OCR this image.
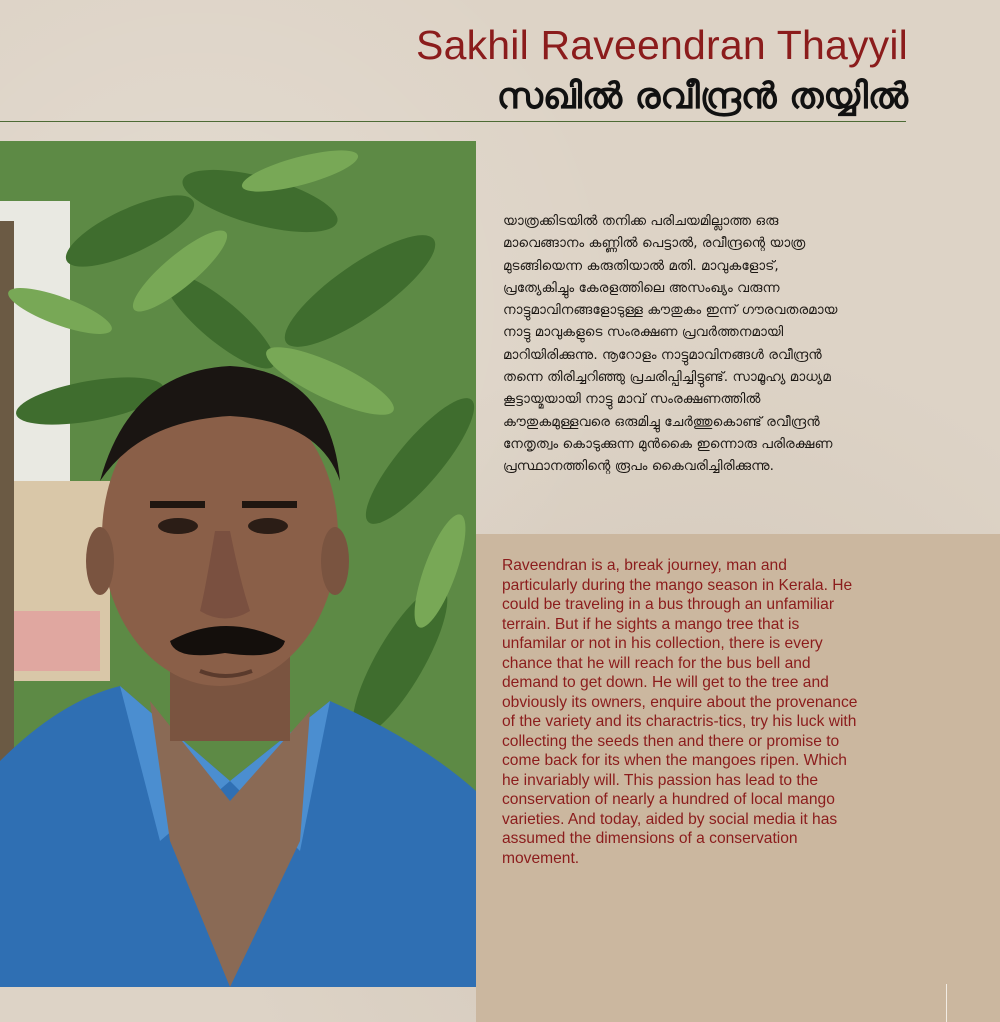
Sakhil Raveendran Thayyil
സഖിൽ രവീന്ദ്രൻ തയ്യിൽ

യാത്രക്കിടയിൽ തനിക്ക പരിചയമില്ലാത്ത ഒരു മാവെങ്ങാനം കണ്ണിൽ പെട്ടാൽ, രവീന്ദ്രന്റെ യാത്ര മുടങ്ങിയെന്ന കരുതിയാൽ മതി. മാവുകളോട്, പ്രത്യേകിച്ചും കേരളത്തിലെ അസംഖ്യം വരുന്ന നാട്ടുമാവിനങ്ങളോടുള്ള കൗതുകം ഇന്ന് ഗൗരവതരമായ നാട്ടു മാവുകളുടെ സംരക്ഷണ പ്രവർത്തനമായി മാറിയിരിക്കുന്നു. നൂറോളം നാട്ടുമാവിനങ്ങൾ രവീന്ദ്രൻ തന്നെ തിരിച്ചറിഞ്ഞു പ്രചരിപ്പിച്ചിട്ടുണ്ട്. സാമൂഹ്യ മാധ്യമ കൂട്ടായ്മയായി നാട്ടു മാവ് സംരക്ഷണത്തിൽ കൗതുകമുള്ളവരെ ഒരുമിച്ചു ചേർത്തുകൊണ്ട് രവീന്ദ്രൻ നേതൃത്വം കൊടുക്കുന്ന മുൻകൈ ഇന്നൊരു പരിരക്ഷണ പ്രസ്ഥാനത്തിന്റെ രൂപം കൈവരിച്ചിരിക്കുന്നു.

Raveendran is a, break journey, man and particularly during the mango season in Kerala. He could be traveling in a bus through an unfamiliar terrain. But if he sights a mango tree that is unfamilar or not in his collection, there is every chance that he will reach for the bus bell and demand to get down. He will get to the tree and obviously its owners, enquire about the provenance of the variety and its charactris-tics, try his luck with collecting the seeds then and there or promise to come back for its when the mangoes ripen. Which he invariably will. This passion has lead to the conservation of nearly a hundred of local mango varieties. And today, aided by social media it has assumed the dimensions of a conservation movement.
